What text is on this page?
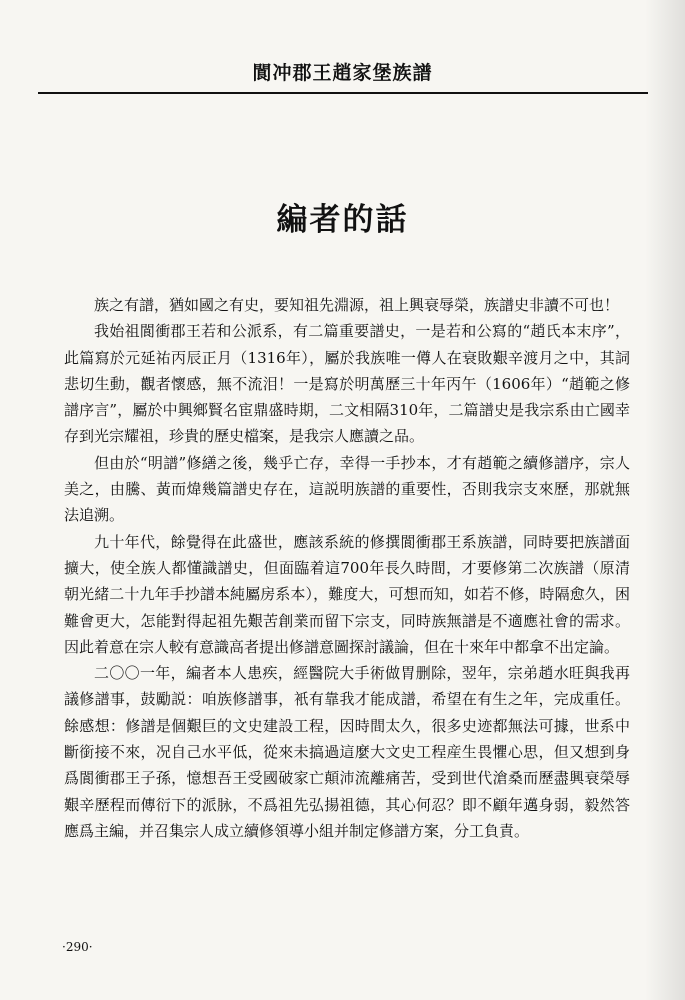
閬冲郡王趙家堡族譜
編者的話

族之有譜，猶如國之有史，要知祖先淵源，祖上興衰辱榮，族譜史非讀不可也！

我始祖閬衝郡王若和公派系，有二篇重要譜史，一是若和公寫的“趙氏本末序”，此篇寫於元延祐丙辰正月（1316年），屬於我族唯一僔人在衰敗艱辛渡月之中，其詞悲切生動，觀者懷感，無不流泪！一是寫於明萬歷三十年丙午（1606年）“趙範之修譜序言”，屬於中興鄉賢名宦鼎盛時期，二文相隔310年，二篇譜史是我宗系由亡國幸存到光宗耀祖，珍貴的歷史檔案，是我宗人應讀之品。

但由於“明譜”修繕之後，幾乎亡存，幸得一手抄本，才有趙範之續修譜序，宗人美之，由騰、黃而煒幾篇譜史存在，這説明族譜的重要性，否則我宗支來歷，那就無法追溯。

九十年代，餘覺得在此盛世，應該系統的修撰閬衝郡王系族譜，同時要把族譜面擴大，使全族人都懂識譜史，但面臨着這700年長久時間，才要修第二次族譜（原清朝光緒二十九年手抄譜本純屬房系本），難度大，可想而知，如若不修，時隔愈久，困難會更大，怎能對得起祖先艱苦創業而留下宗支，同時族無譜是不適應社會的需求。因此着意在宗人較有意識高者提出修譜意圖探討議論，但在十來年中都拿不出定論。

二〇〇一年，編者本人患疾，經醫院大手術做胃删除，翌年，宗弟趙水旺與我再議修譜事，鼓勵説：咱族修譜事，衹有靠我才能成譜，希望在有生之年，完成重任。餘感想：修譜是個艱巨的文史建設工程，因時間太久，很多史迹都無法可據，世系中斷銜接不來，况自己水平低，從來未搞過這麼大文史工程産生畏懼心思，但又想到身爲閬衝郡王子孫，憶想吾王受國破家亡顛沛流離痛苦，受到世代滄桑而歷盡興衰榮辱艱辛歷程而傳衍下的派脉，不爲祖先弘揚祖德，其心何忍？即不顧年邁身弱，毅然答應爲主編，并召集宗人成立續修領導小組并制定修譜方案，分工負責。

·290·
